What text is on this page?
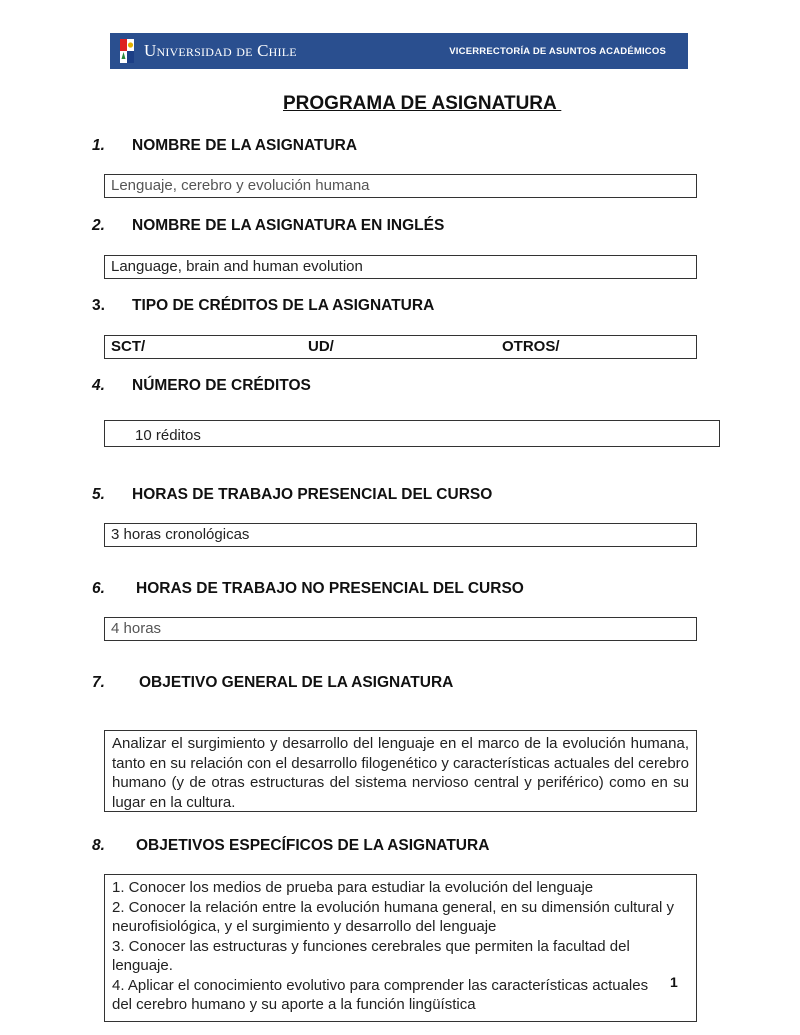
Universidad de Chile	VICERRECTORÍA DE ASUNTOS ACADÉMICOS
PROGRAMA DE ASIGNATURA
1.	NOMBRE DE LA ASIGNATURA
Lenguaje, cerebro y evolución humana
2.	NOMBRE DE LA ASIGNATURA EN INGLÉS
Language, brain and human evolution
3.	TIPO DE CRÉDITOS DE LA ASIGNATURA
SCT/	UD/	OTROS/
4.	NÚMERO DE CRÉDITOS
10 réditos
5.	HORAS DE TRABAJO PRESENCIAL DEL CURSO
3 horas cronológicas
6.	HORAS DE TRABAJO NO PRESENCIAL DEL CURSO
4 horas
7.	OBJETIVO GENERAL DE LA ASIGNATURA
Analizar el surgimiento y desarrollo del lenguaje en el marco de la evolución humana, tanto en su relación con el desarrollo filogenético y características actuales del cerebro humano (y de otras estructuras del sistema nervioso central y periférico) como en su lugar en la cultura.
8.	OBJETIVOS ESPECÍFICOS DE LA ASIGNATURA
1. Conocer los medios de prueba para estudiar la evolución del lenguaje
2. Conocer la relación entre la evolución humana general, en su dimensión cultural y neurofisiológica, y el surgimiento y desarrollo del lenguaje
3. Conocer las estructuras y funciones cerebrales que permiten la facultad del lenguaje.
4. Aplicar el conocimiento evolutivo para comprender las características actuales del cerebro humano y su aporte a la función lingüística
1
